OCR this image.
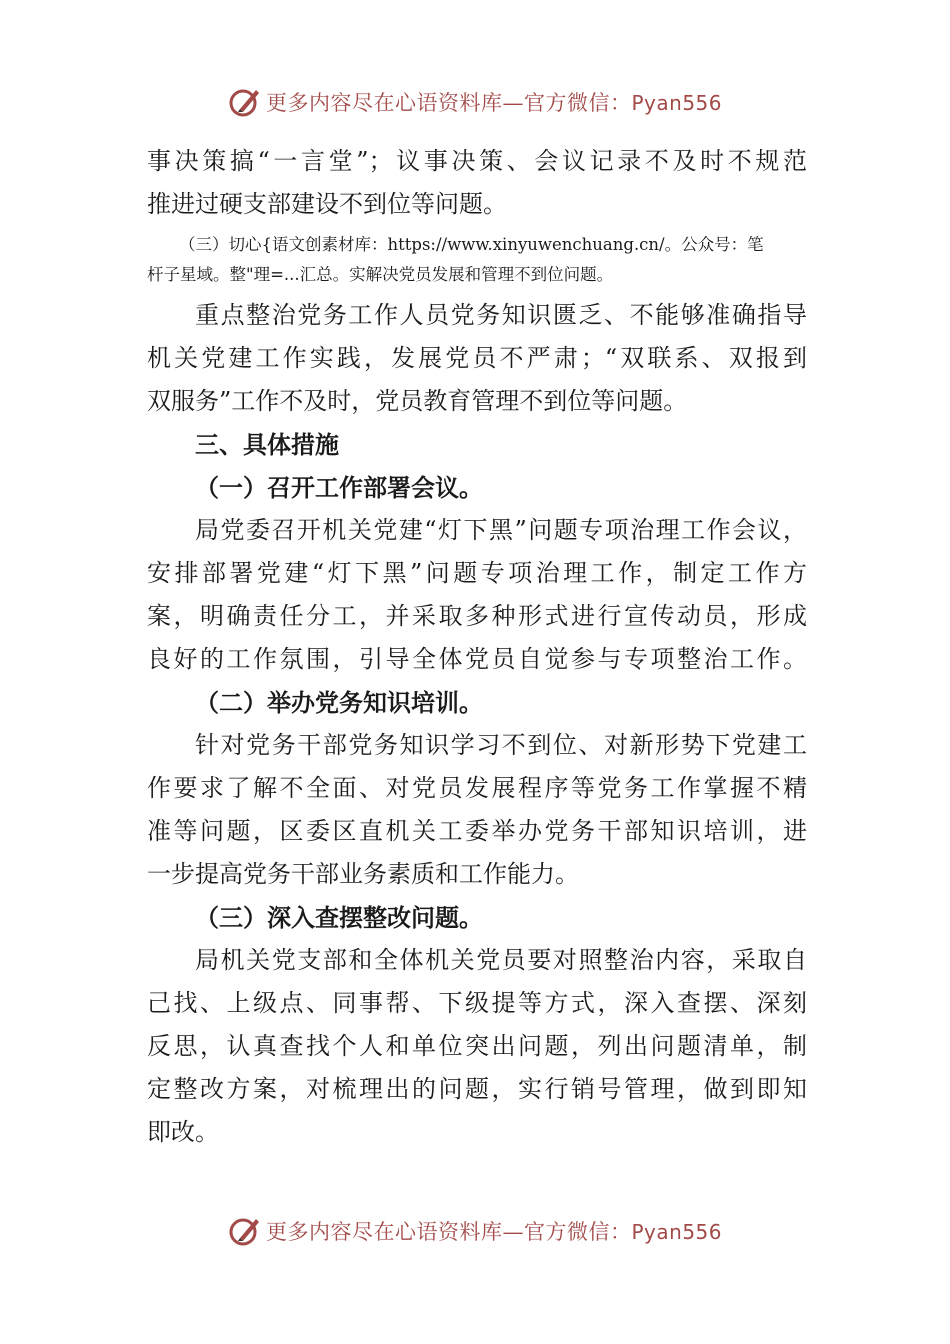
更多内容尽在心语资料库—官方微信：Pyan556
事决策搞“一言堂”；议事决策、会议记录不及时不规范
推进过硬支部建设不到位等问题。
（三）切心{语文创素材库：https://www.xinyuwenchuang.cn/。公众号：笔
杆子星域。整"理=...汇总。实解决党员发展和管理不到位问题。
重点整治党务工作人员党务知识匮乏、不能够准确指导
机关党建工作实践，发展党员不严肃；“双联系、双报到
双服务”工作不及时，党员教育管理不到位等问题。
三、具体措施
（一）召开工作部署会议。
局党委召开机关党建“灯下黑”问题专项治理工作会议，
安排部署党建“灯下黑”问题专项治理工作，制定工作方
案，明确责任分工，并采取多种形式进行宣传动员，形成
良好的工作氛围，引导全体党员自觉参与专项整治工作。
（二）举办党务知识培训。
针对党务干部党务知识学习不到位、对新形势下党建工
作要求了解不全面、对党员发展程序等党务工作掌握不精
准等问题，区委区直机关工委举办党务干部知识培训，进
一步提高党务干部业务素质和工作能力。
（三）深入查摆整改问题。
局机关党支部和全体机关党员要对照整治内容，采取自
己找、上级点、同事帮、下级提等方式，深入查摆、深刻
反思，认真查找个人和单位突出问题，列出问题清单，制
定整改方案，对梳理出的问题，实行销号管理，做到即知
即改。
更多内容尽在心语资料库—官方微信：Pyan556
